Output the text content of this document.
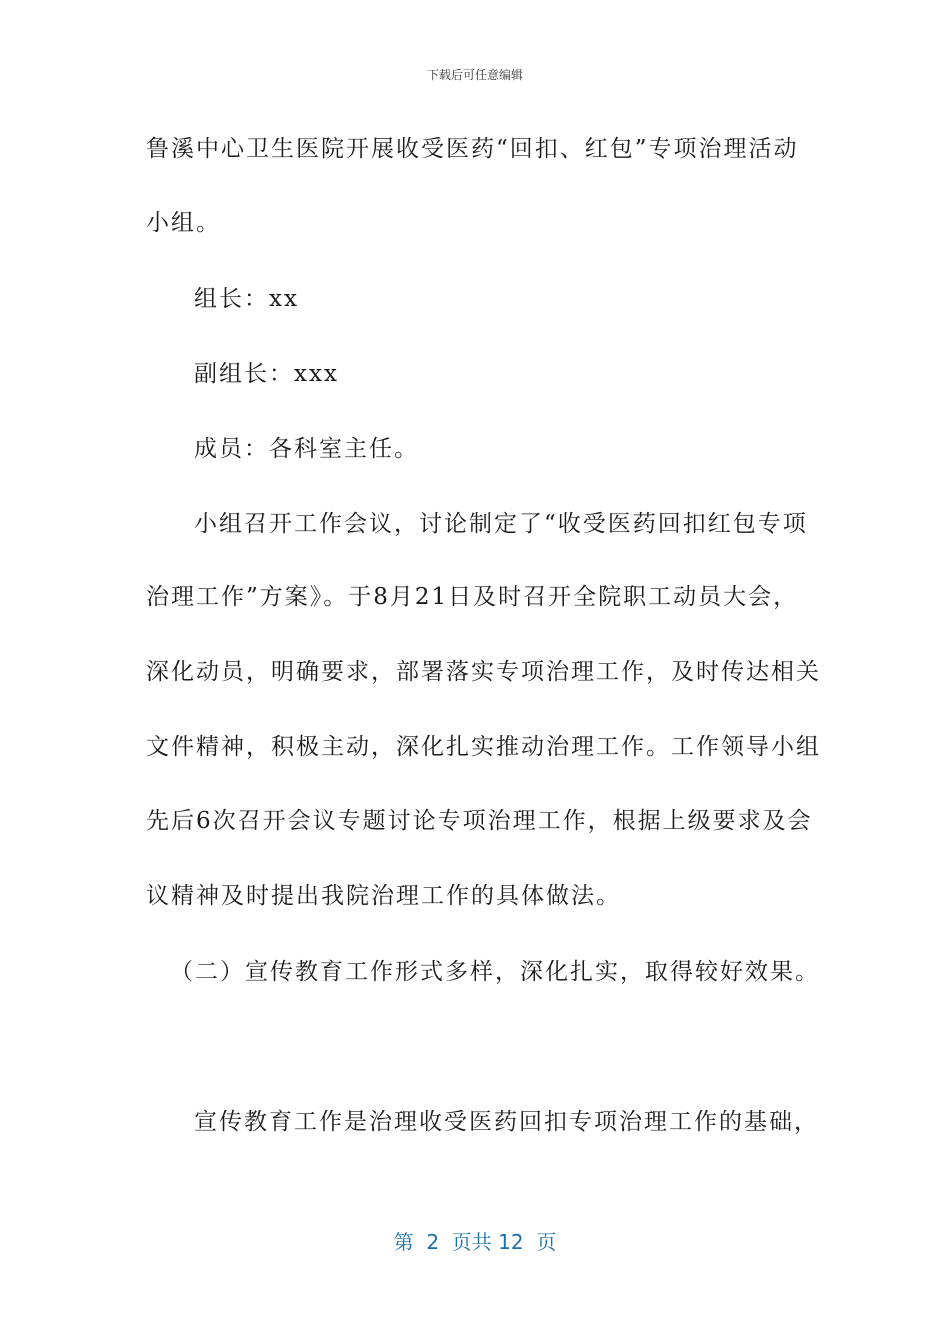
下载后可任意编辑
鲁溪中心卫生医院开展收受医药“回扣、红包”专项治理活动
小组。
组长：xx
副组长：xxx
成员：各科室主任。
小组召开工作会议，讨论制定了“收受医药回扣红包专项
治理工作”方案》。于8月21日及时召开全院职工动员大会，
深化动员，明确要求，部署落实专项治理工作，及时传达相关
文件精神，积极主动，深化扎实推动治理工作。工作领导小组
先后6次召开会议专题讨论专项治理工作，根据上级要求及会
议精神及时提出我院治理工作的具体做法。
（二）宣传教育工作形式多样，深化扎实，取得较好效果。
宣传教育工作是治理收受医药回扣专项治理工作的基础，
第  2  页共 12  页
